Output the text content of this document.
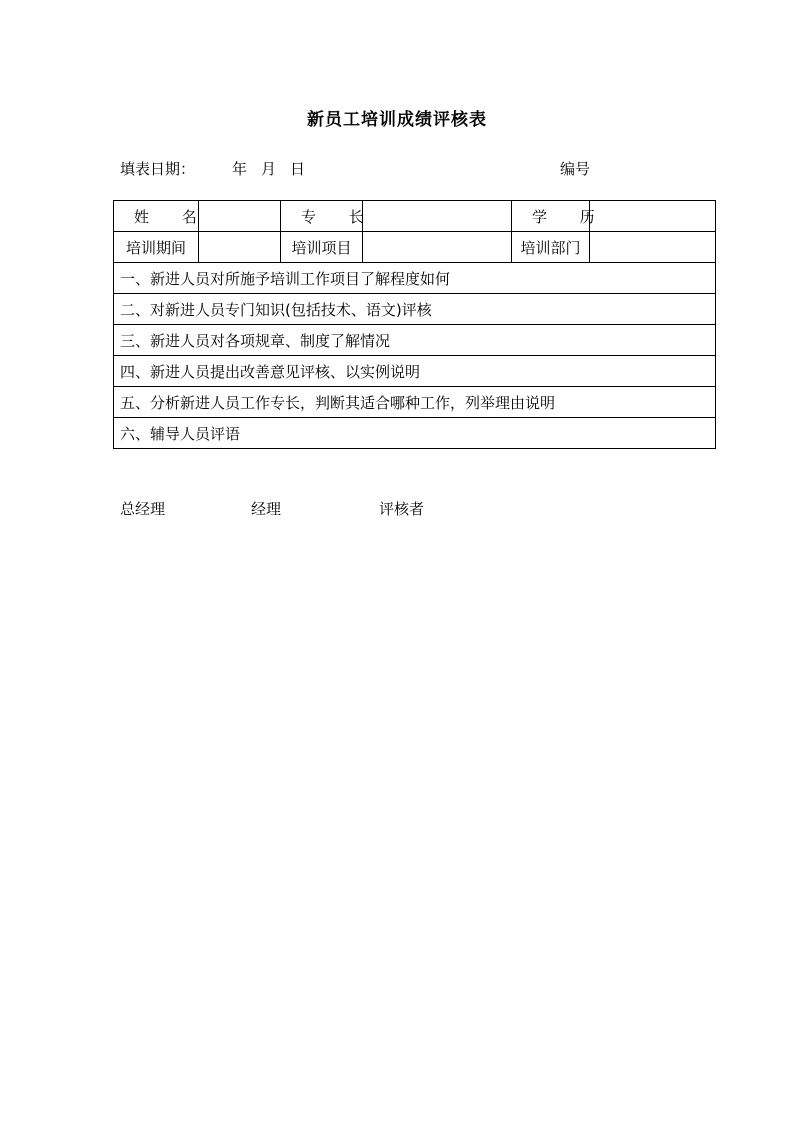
新员工培训成绩评核表
填表日期： 年 月 日	编号
姓 名		专 长		学 历	
培训期间		培训项目		培训部门	
一、新进人员对所施予培训工作项目了解程度如何					
二、对新进人员专门知识(包括技术、语文)评核					
三、新进人员对各项规章、制度了解情况					
四、新进人员提出改善意见评核、以实例说明					
五、分析新进人员工作专长，判断其适合哪种工作，列举理由说明					
六、辅导人员评语					
总经理	经理	评核者
